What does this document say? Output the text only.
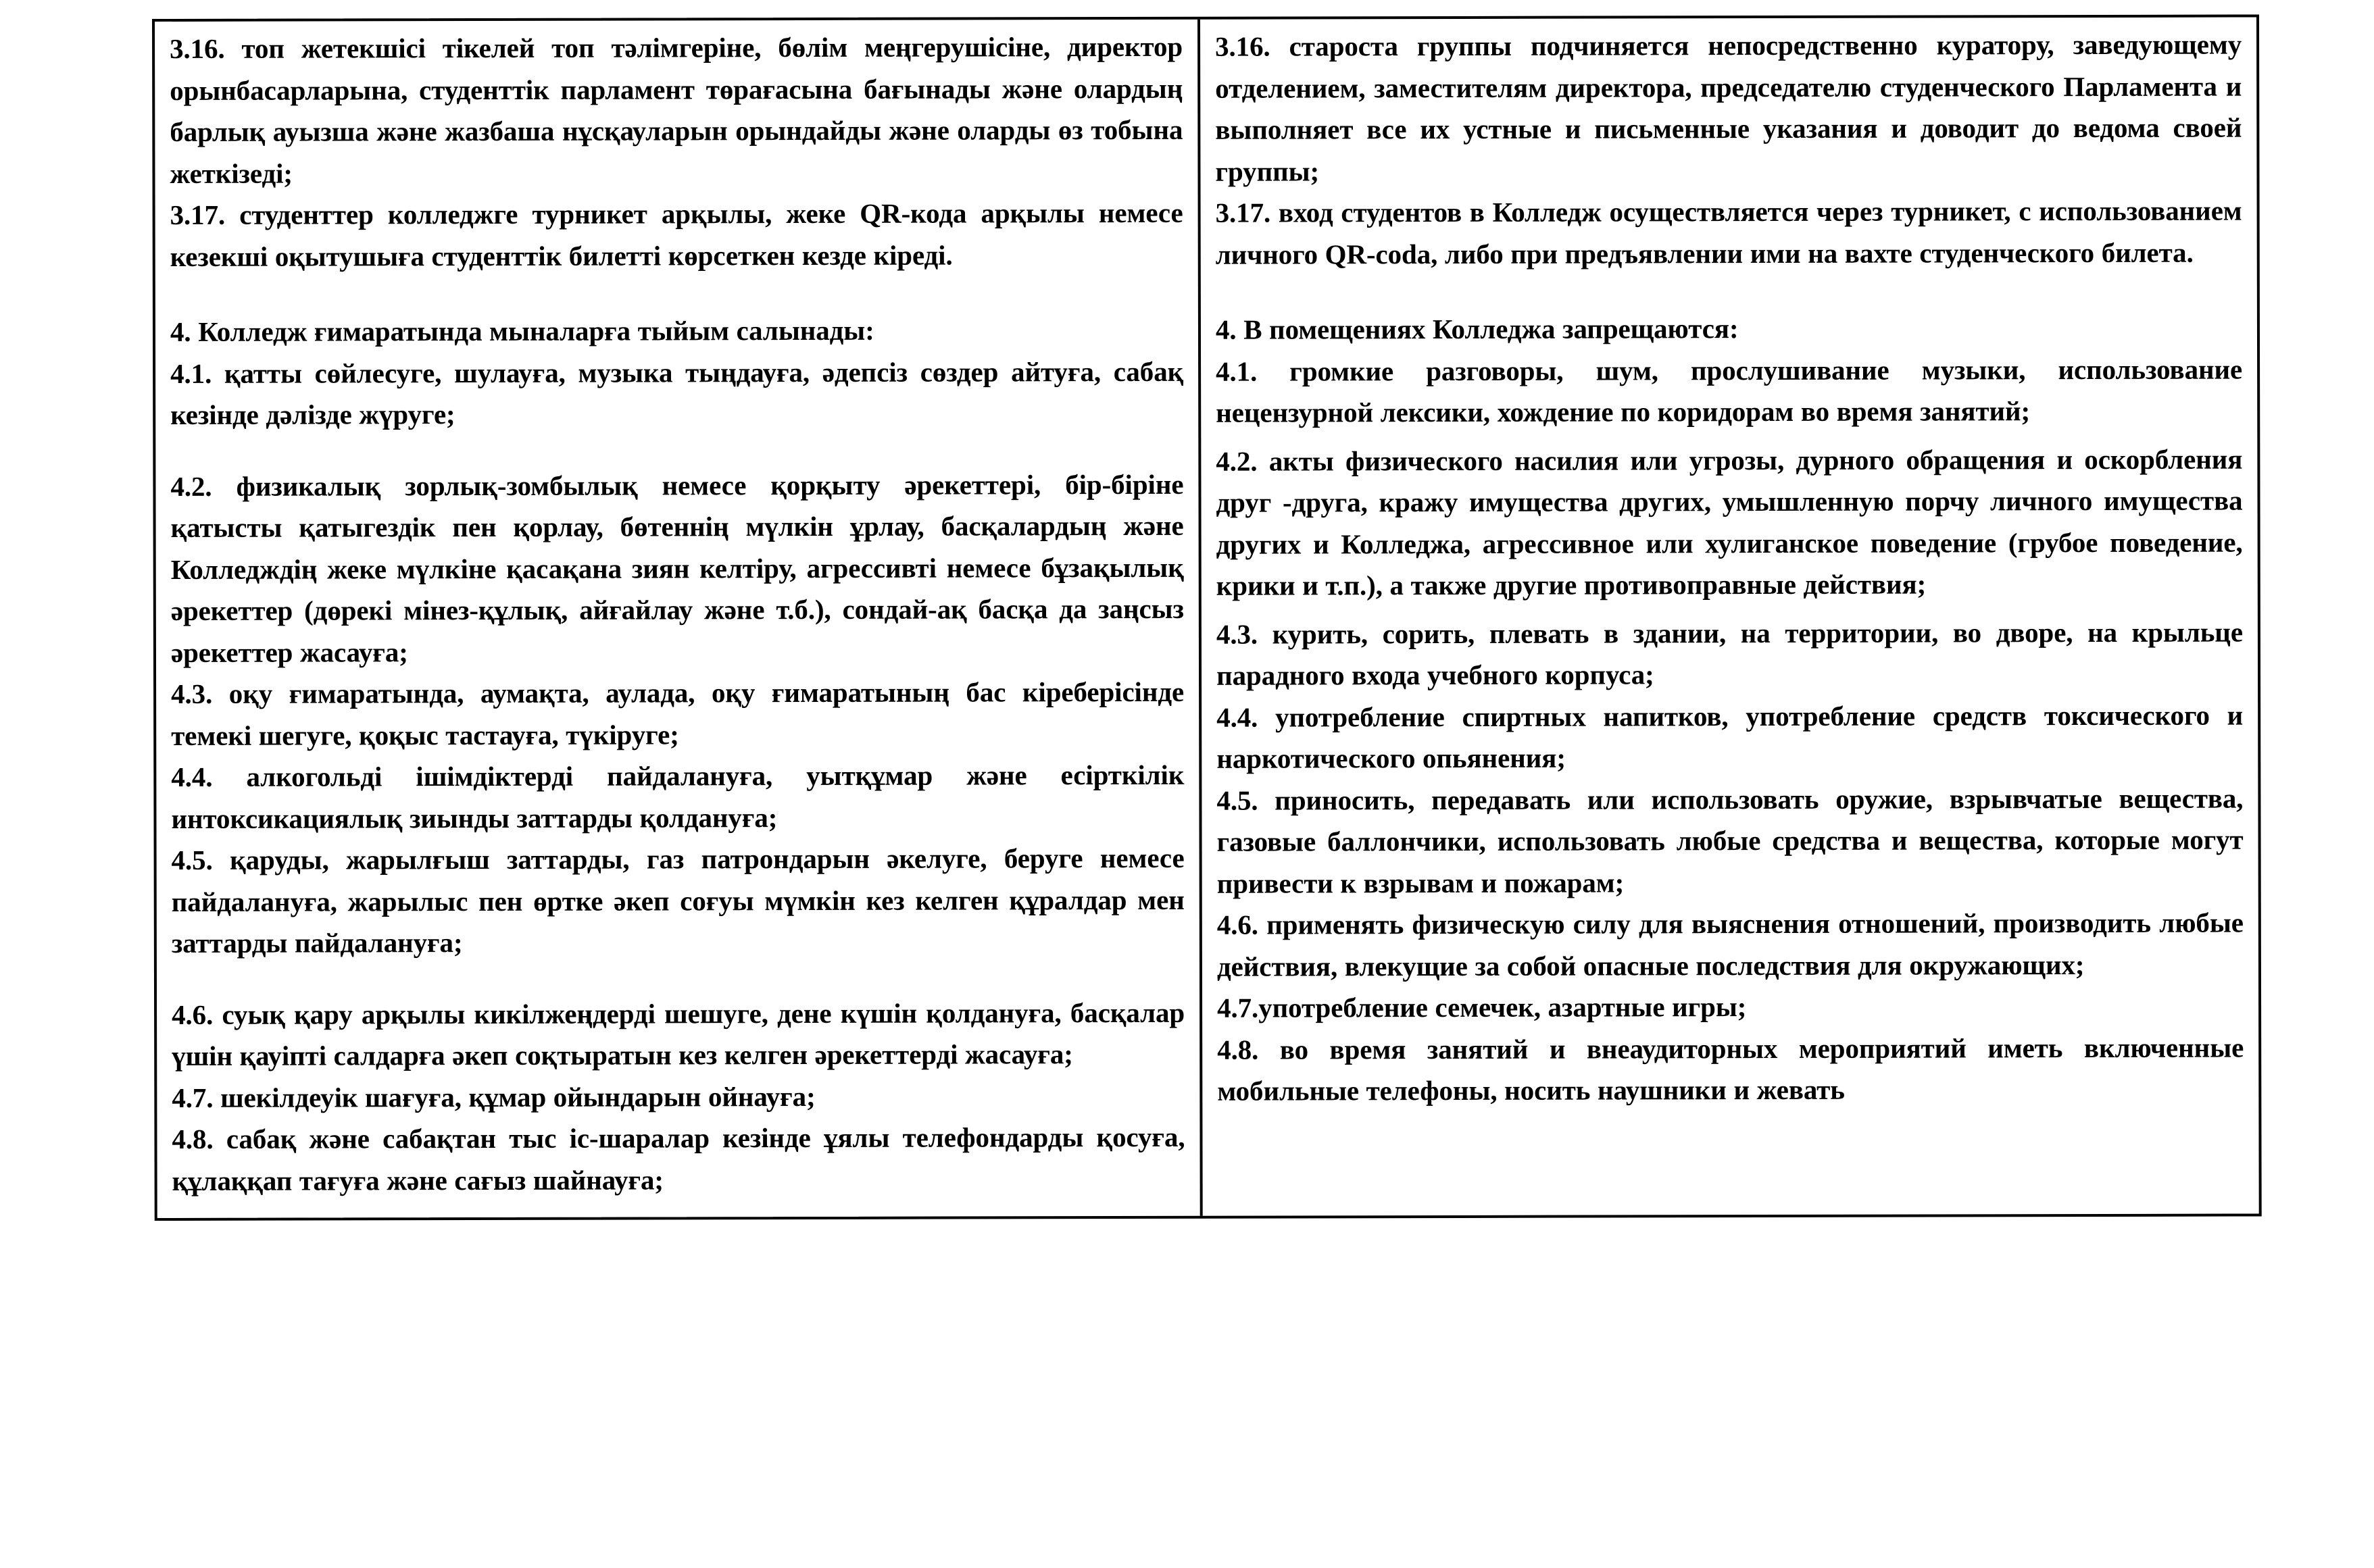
3.16. топ жетекшісі тікелей топ тәлімгеріне, бөлім меңгерушісіне, директор орынбасарларына, студенттік парламент төрағасына бағынады және олардың барлық ауызша және жазбаша нұсқауларын орындайды және оларды өз тобына жеткізеді;

3.17. студенттер колледжге турникет арқылы, жеке QR-кода арқылы немесе кезекші оқытушыға студенттік билетті көрсеткен кезде кіреді.

4. Колледж ғимаратында мыналарға тыйым салынады:

4.1. қатты сөйлесуге, шулауға, музыка тыңдауға, әдепсіз сөздер айтуға, сабақ кезінде дәлізде жүруге;

4.2. физикалық зорлық-зомбылық немесе қорқыту әрекеттері, бір-біріне қатысты қатыгездік пен қорлау, бөтеннің мүлкін ұрлау, басқалардың және Колледждің жеке мүлкіне қасақана зиян келтіру, агрессивті немесе бұзақылық әрекеттер (дөрекі мінез-құлық, айғайлау және т.б.), сондай-ақ басқа да заңсыз әрекеттер жасауға;

4.3. оқу ғимаратында, аумақта, аулада, оқу ғимаратының бас кіреберісінде темекі шегуге, қоқыс тастауға, түкіруге;

4.4. алкогольді ішімдіктерді пайдалануға, уытқұмар және есірткілік интоксикациялық зиынды заттарды қолдануға;

4.5. қаруды, жарылғыш заттарды, газ патрондарын әкелуге, беруге немесе пайдалануға, жарылыс пен өртке әкеп соғуы мүмкін кез келген құралдар мен заттарды пайдалануға;

4.6. суық қару арқылы кикілжеңдерді шешуге, дене күшін қолдануға, басқалар үшін қауіпті салдарға әкеп соқтыратын кез келген әрекеттерді жасауға;

4.7. шекілдеуік шағуға, құмар ойындарын ойнауға;

4.8. сабақ және сабақтан тыс іс-шаралар кезінде ұялы телефондарды қосуға, құлаққап тағуға және сағыз шайнауға;

3.16. староста группы подчиняется непосредственно куратору, заведующему отделением, заместителям директора, председателю студенческого Парламента и выполняет все их устные и письменные указания и доводит до ведома своей группы;

3.17. вход студентов в Колледж осуществляется через турникет, с использованием личного QR-coda, либо при предъявлении ими на вахте студенческого билета.

4. В помещениях Колледжа запрещаются:

4.1. громкие разговоры, шум, прослушивание музыки, использование нецензурной лексики, хождение по коридорам во время занятий;

4.2. акты физического насилия или угрозы, дурного обращения и оскорбления друг -друга, кражу имущества других, умышленную порчу личного имущества других и Колледжа, агрессивное или хулиганское поведение (грубое поведение, крики и т.п.), а также другие противоправные действия;

4.3. курить, сорить, плевать в здании, на территории, во дворе, на крыльце парадного входа учебного корпуса;

4.4. употребление спиртных напитков, употребление средств токсического и наркотического опьянения;

4.5. приносить, передавать или использовать оружие, взрывчатые вещества, газовые баллончики, использовать любые средства и вещества, которые могут привести к взрывам и пожарам;

4.6. применять физическую силу для выяснения отношений, производить любые действия, влекущие за собой опасные последствия для окружающих;

4.7.употребление семечек, азартные игры;

4.8. во время занятий и внеаудиторных мероприятий иметь включенные мобильные телефоны, носить наушники и жевать
